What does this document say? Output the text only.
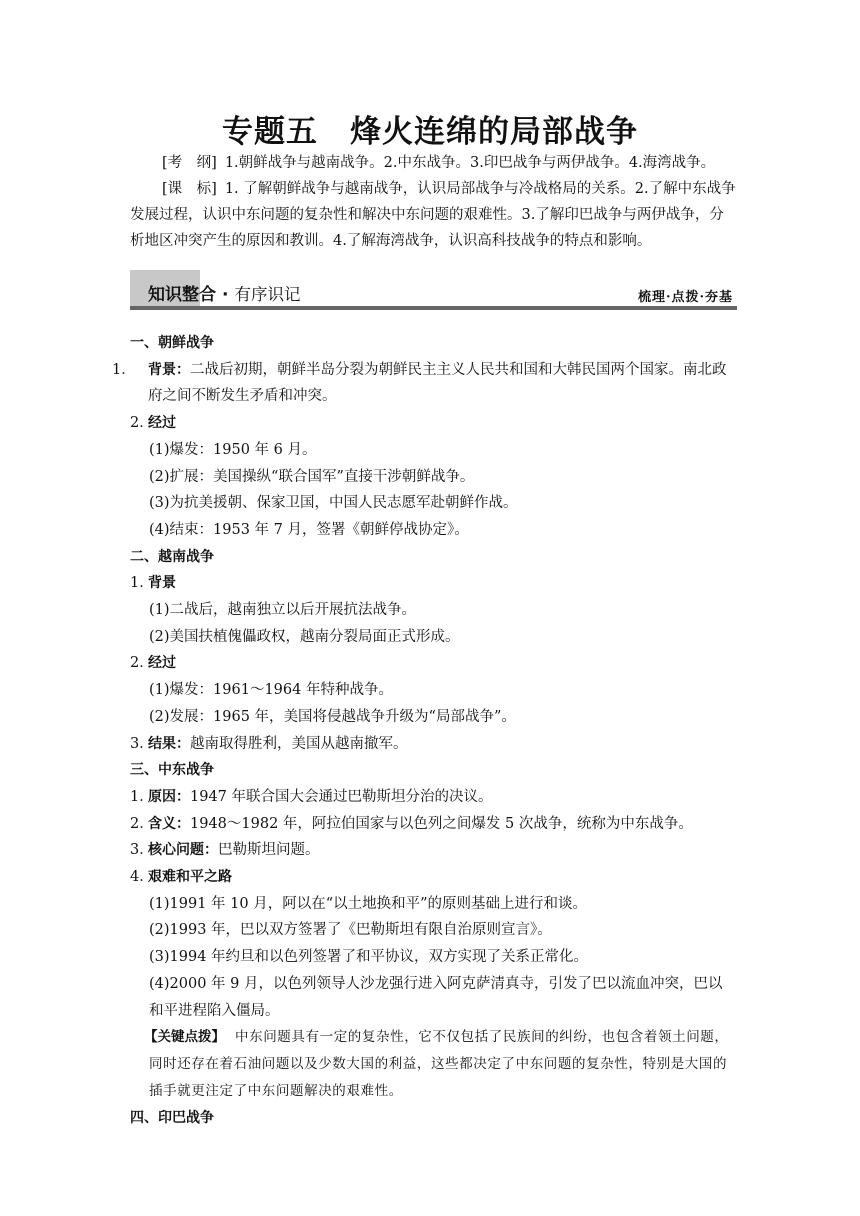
专题五　烽火连绵的局部战争
[考　纲] 1.朝鲜战争与越南战争。2.中东战争。3.印巴战争与两伊战争。4.海湾战争。
[课　标] 1. 了解朝鲜战争与越南战争，认识局部战争与冷战格局的关系。2.了解中东战争发展过程，认识中东问题的复杂性和解决中东问题的艰难性。3.了解印巴战争与两伊战争，分析地区冲突产生的原因和教训。4.了解海湾战争，认识高科技战争的特点和影响。
知识整合 · 有序识记	梳理·点拨·夯基
一、朝鲜战争
1． 背景：二战后初期，朝鲜半岛分裂为朝鲜民主主义人民共和国和大韩民国两个国家。南北政府之间不断发生矛盾和冲突。
2．经过
(1)爆发：1950 年 6 月。
(2)扩展：美国操纵“联合国军”直接干涉朝鲜战争。
(3)为抗美援朝、保家卫国，中国人民志愿军赴朝鲜作战。
(4)结束：1953 年 7 月，签署《朝鲜停战协定》。
二、越南战争
1．背景
(1)二战后，越南独立以后开展抗法战争。
(2)美国扶植傀儡政权，越南分裂局面正式形成。
2．经过
(1)爆发：1961～1964 年特种战争。
(2)发展：1965 年，美国将侵越战争升级为“局部战争”。
3．结果：越南取得胜利，美国从越南撤军。
三、中东战争
1．原因：1947 年联合国大会通过巴勒斯坦分治的决议。
2．含义：1948～1982 年，阿拉伯国家与以色列之间爆发 5 次战争，统称为中东战争。
3．核心问题：巴勒斯坦问题。
4．艰难和平之路
(1)1991 年 10 月，阿以在“以土地换和平”的原则基础上进行和谈。
(2)1993 年，巴以双方签署了《巴勒斯坦有限自治原则宣言》。
(3)1994 年约旦和以色列签署了和平协议，双方实现了关系正常化。
(4)2000 年 9 月，以色列领导人沙龙强行进入阿克萨清真寺，引发了巴以流血冲突，巴以和平进程陷入僵局。
【关键点拨】 中东问题具有一定的复杂性，它不仅包括了民族间的纠纷，也包含着领土问题，同时还存在着石油问题以及少数大国的利益，这些都决定了中东问题的复杂性，特别是大国的插手就更注定了中东问题解决的艰难性。
四、印巴战争
